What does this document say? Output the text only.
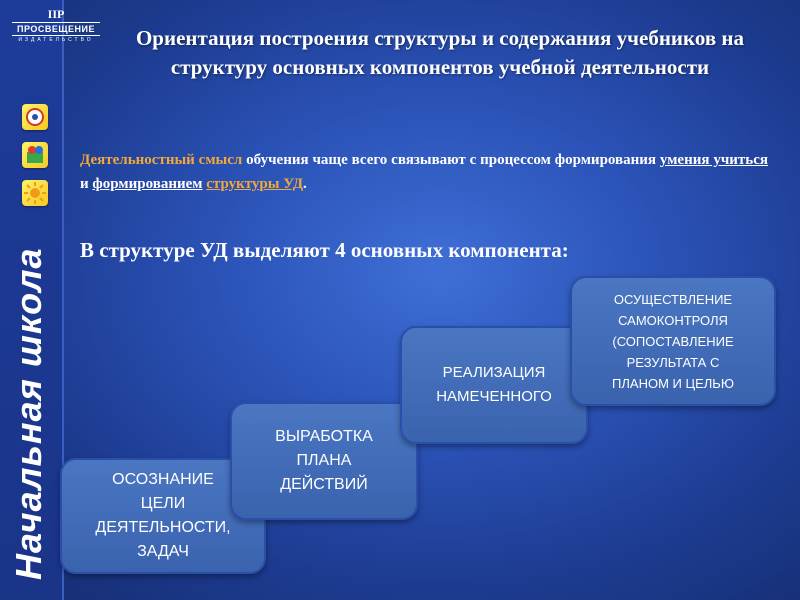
Начальная школа
IIP
ПРОСВЕЩЕНИЕ
ИЗДАТЕЛЬСТВО	Ориентация построения структуры и содержания учебников на структуру основных компонентов учебной деятельности
Деятельностный смысл обучения чаще всего связывают с процессом формирования умения учиться и формированием структуры УД.
В структуре УД выделяют 4 основных компонента:
ОСОЗНАНИЕ
ЦЕЛИ
ДЕЯТЕЛЬНОСТИ,
ЗАДАЧ
ВЫРАБОТКА
ПЛАНА
ДЕЙСТВИЙ
РЕАЛИЗАЦИЯ
НАМЕЧЕННОГО
ОСУЩЕСТВЛЕНИЕ
САМОКОНТРОЛЯ
(СОПОСТАВЛЕНИЕ
РЕЗУЛЬТАТА С
ПЛАНОМ И ЦЕЛЬЮ
